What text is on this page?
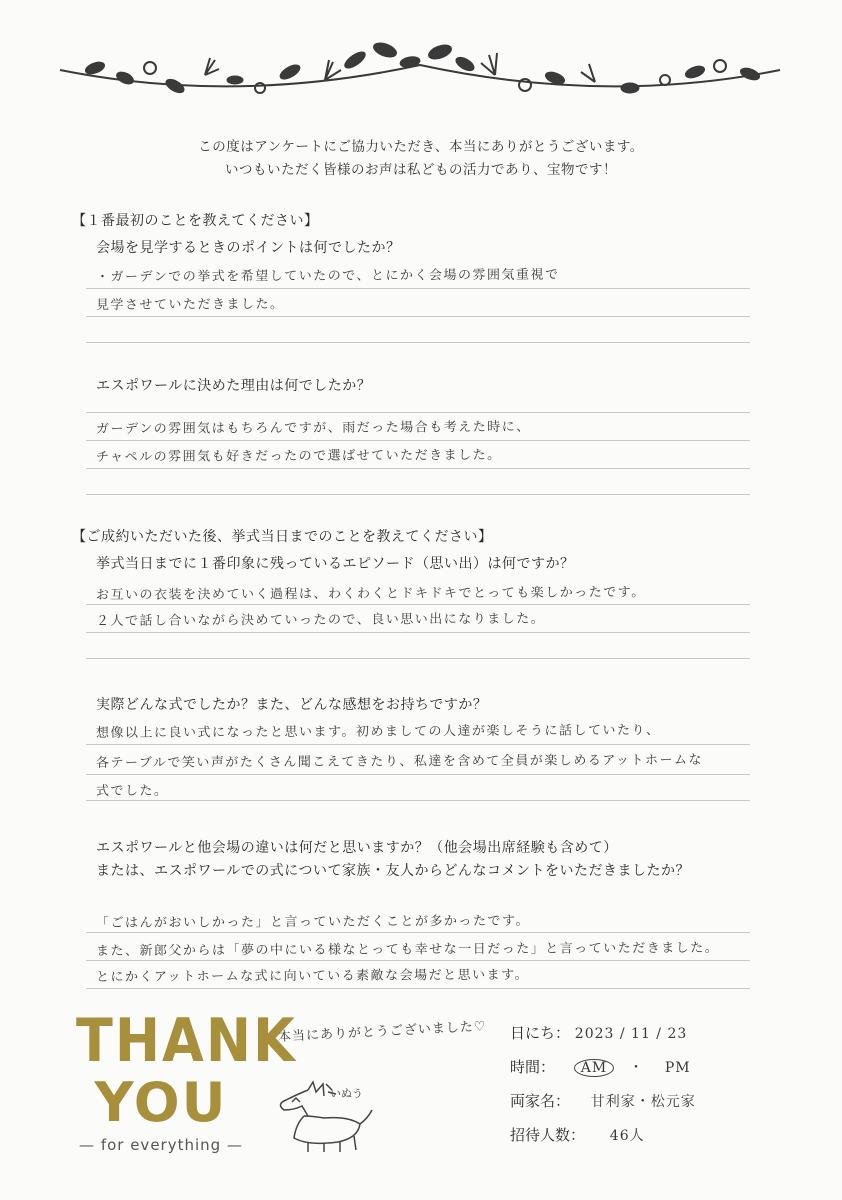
この度はアンケートにご協力いただき、本当にありがとうございます。
いつもいただく皆様のお声は私どもの活力であり、宝物です！
【１番最初のことを教えてください】
会場を見学するときのポイントは何でしたか？
・ガーデンでの挙式を希望していたので、とにかく会場の雰囲気重視で
見学させていただきました。
エスポワールに決めた理由は何でしたか？
ガーデンの雰囲気はもちろんですが、雨だった場合も考えた時に、
チャペルの雰囲気も好きだったので選ばせていただきました。
【ご成約いただいた後、挙式当日までのことを教えてください】
挙式当日までに１番印象に残っているエピソード（思い出）は何ですか？
お互いの衣装を決めていく過程は、わくわくとドキドキでとっても楽しかったです。
２人で話し合いながら決めていったので、良い思い出になりました。
実際どんな式でしたか？また、どんな感想をお持ちですか？
想像以上に良い式になったと思います。初めましての人達が楽しそうに話していたり、
各テーブルで笑い声がたくさん聞こえてきたり、私達を含めて全員が楽しめるアットホームな
式でした。
エスポワールと他会場の違いは何だと思いますか？（他会場出席経験も含めて）
または、エスポワールでの式について家族・友人からどんなコメントをいただきましたか？
「ごはんがおいしかった」と言っていただくことが多かったです。
また、新郎父からは「夢の中にいる様なとっても幸せな一日だった」と言っていただきました。
とにかくアットホームな式に向いている素敵な会場だと思います。
THANK
YOU
— for everything —
本当にありがとうございました♡
いぬう
日にち： 2023 / 11 / 23
時間： AM ・ PM
両家名： 甘利家・松元家
招待人数： 46人
